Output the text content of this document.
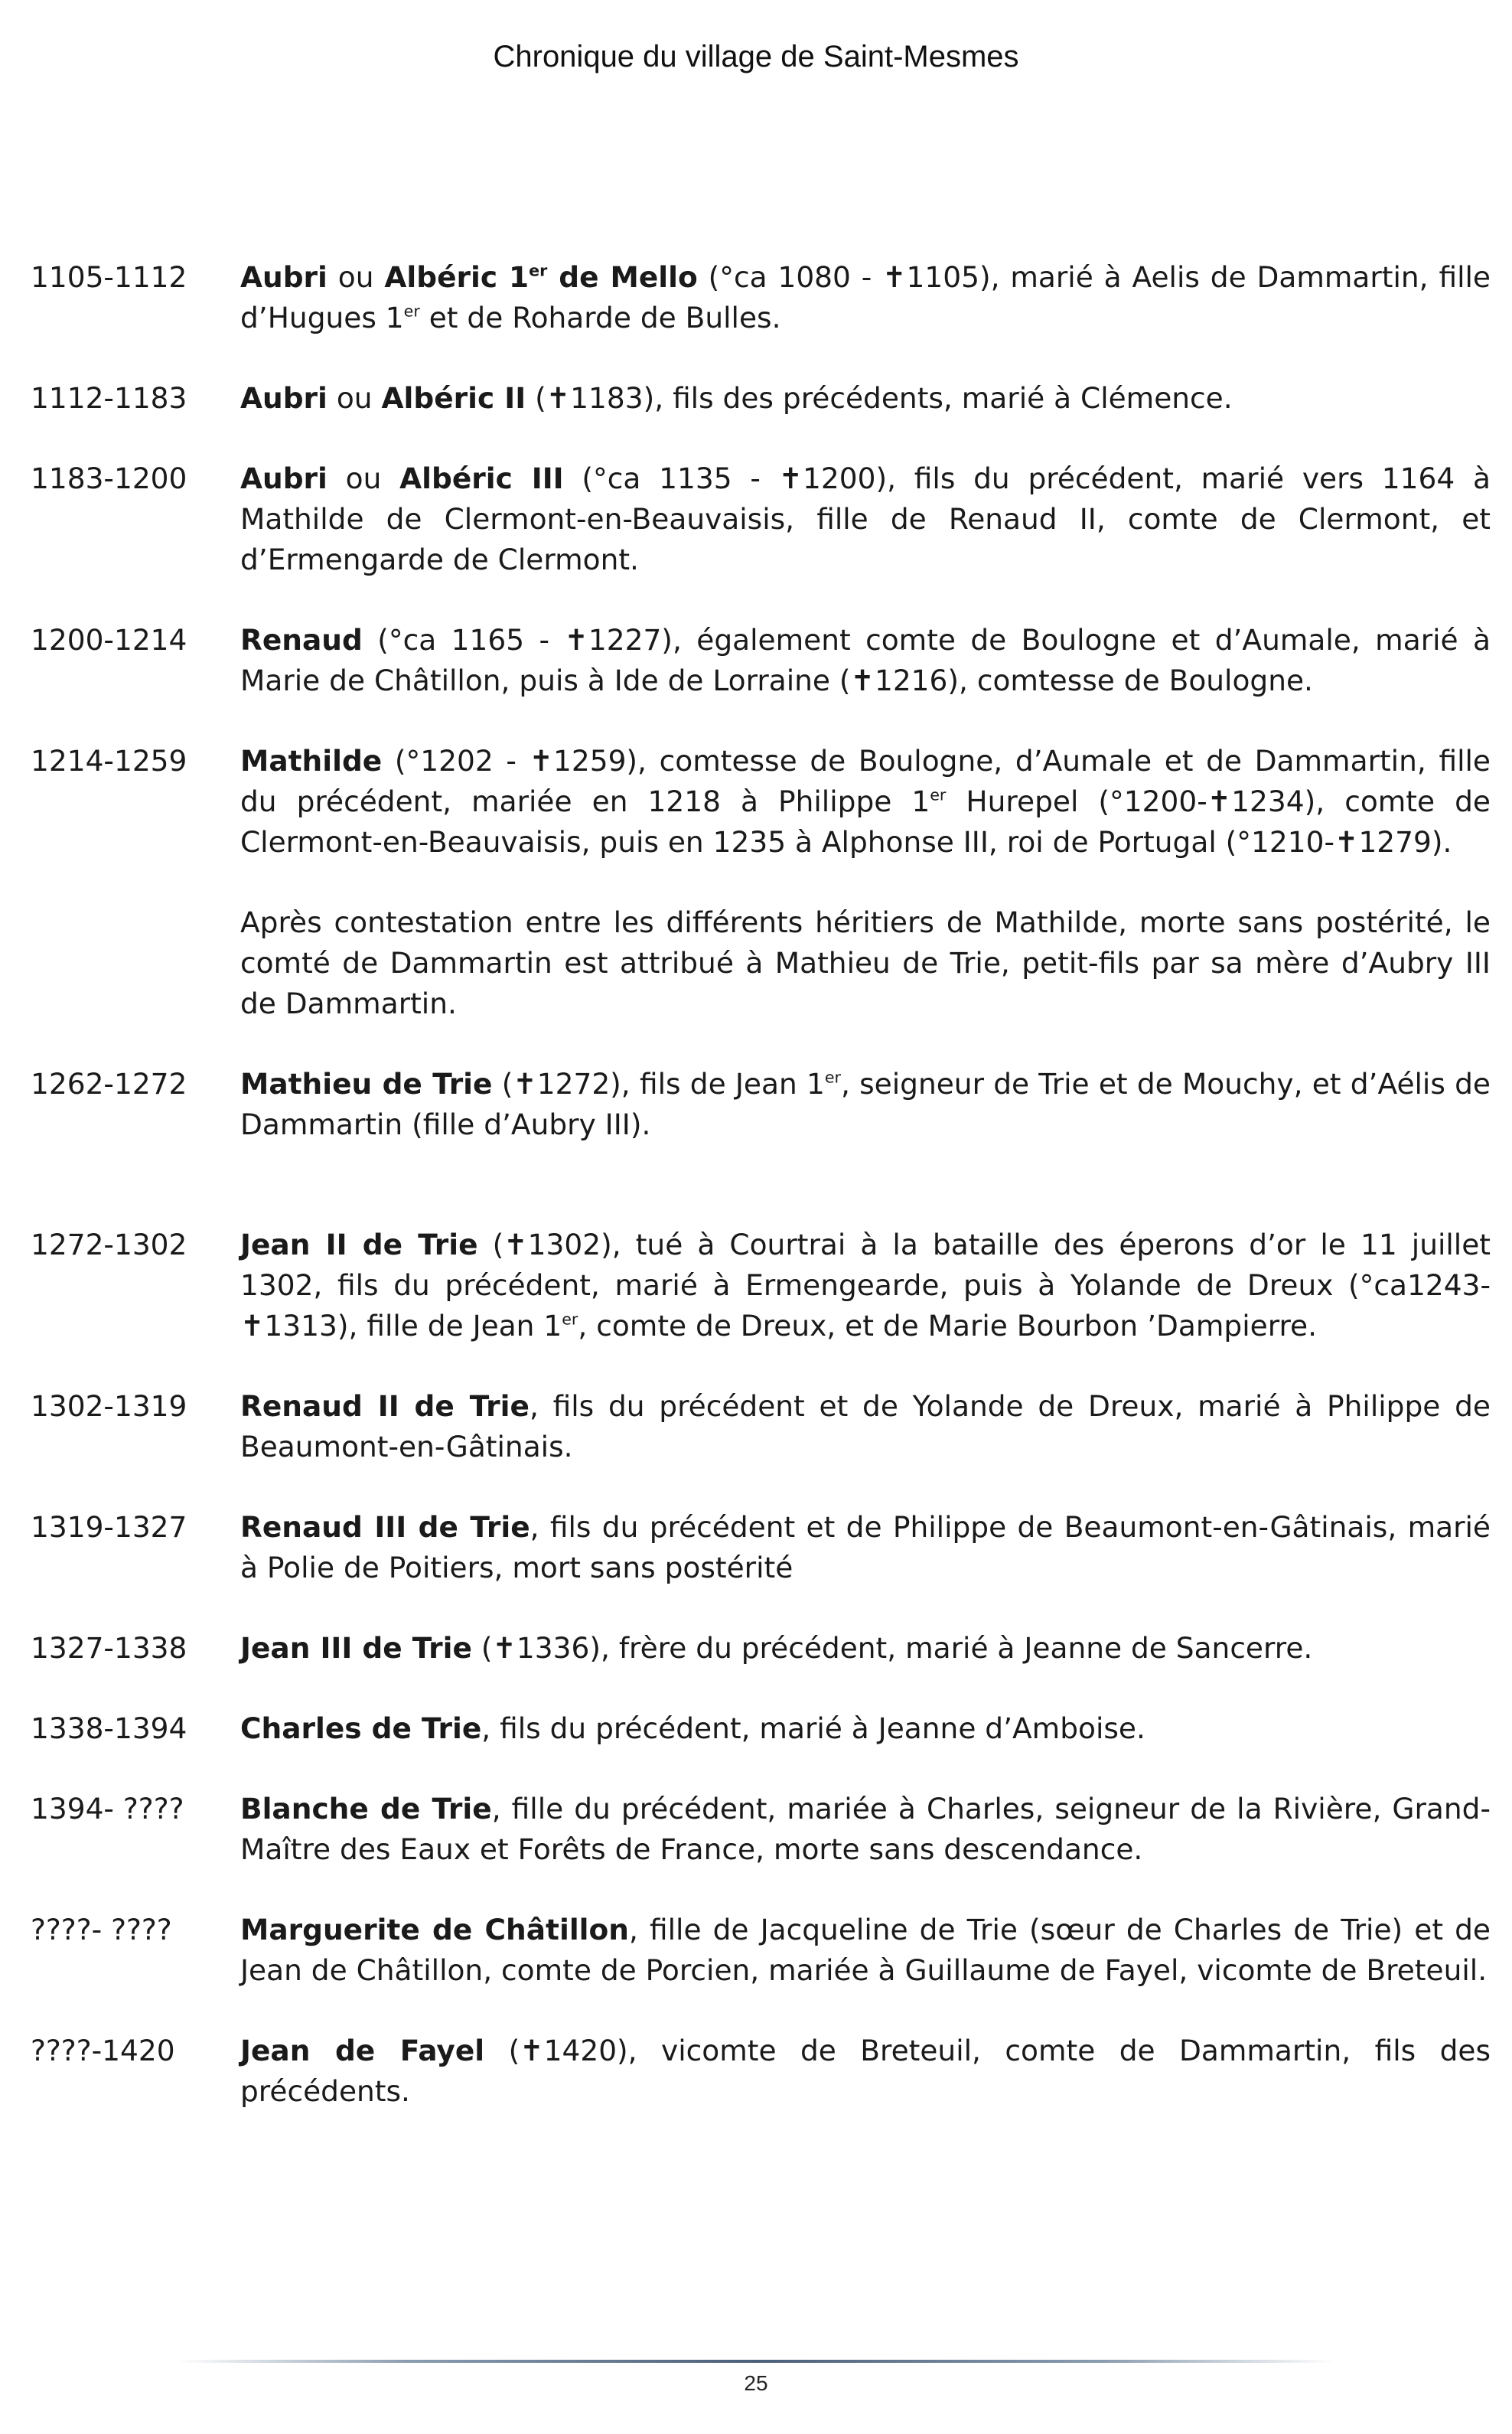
Chronique du village de Saint-Mesmes
1105-1112	Aubri ou Albéric 1er de Mello (°ca 1080 - ✝1105), marié à Aelis de Dammartin, fille d’Hugues 1er et de Roharde de Bulles.
1112-1183	Aubri ou Albéric II (✝1183), fils des précédents, marié à Clémence.
1183-1200	Aubri ou Albéric III (°ca 1135 - ✝1200), fils du précédent, marié vers 1164 à Mathilde de Clermont-en-Beauvaisis, fille de Renaud II, comte de Clermont, et d’Ermengarde de Clermont.
1200-1214	Renaud (°ca 1165 - ✝1227), également comte de Boulogne et d’Aumale, marié à Marie de Châtillon, puis à Ide de Lorraine (✝1216), comtesse de Boulogne.
1214-1259	Mathilde (°1202 - ✝1259), comtesse de Boulogne, d’Aumale et de Dammartin, fille du précédent, mariée en 1218 à Philippe 1er Hurepel (°1200-✝1234), comte de Clermont-en-Beauvaisis, puis en 1235 à Alphonse III, roi de Portugal (°1210-✝1279).
Après contestation entre les différents héritiers de Mathilde, morte sans postérité, le comté de Dammartin est attribué à Mathieu de Trie, petit-fils par sa mère d’Aubry III de Dammartin.
1262-1272	Mathieu de Trie (✝1272), fils de Jean 1er, seigneur de Trie et de Mouchy, et d’Aélis de Dammartin (fille d’Aubry III).
1272-1302	Jean II de Trie (✝1302), tué à Courtrai à la bataille des éperons d’or le 11 juillet 1302, fils du précédent, marié à Ermengearde, puis à Yolande de Dreux (°ca1243-✝1313), fille de Jean 1er, comte de Dreux, et de Marie Bourbon ’Dampierre.
1302-1319	Renaud II de Trie, fils du précédent et de Yolande de Dreux, marié à Philippe de Beaumont-en-Gâtinais.
1319-1327	Renaud III de Trie, fils du précédent et de Philippe de Beaumont-en-Gâtinais, marié à Polie de Poitiers, mort sans postérité
1327-1338	Jean III de Trie (✝1336), frère du précédent, marié à Jeanne de Sancerre.
1338-1394	Charles de Trie, fils du précédent, marié à Jeanne d’Amboise.
1394- ????	Blanche de Trie, fille du précédent, mariée à Charles, seigneur de la Rivière, Grand-Maître des Eaux et Forêts de France, morte sans descendance.
????- ????	Marguerite de Châtillon, fille de Jacqueline de Trie (sœur de Charles de Trie) et de Jean de Châtillon, comte de Porcien, mariée à Guillaume de Fayel, vicomte de Breteuil.
????-1420	Jean de Fayel (✝1420), vicomte de Breteuil, comte de Dammartin, fils des précédents.
25
